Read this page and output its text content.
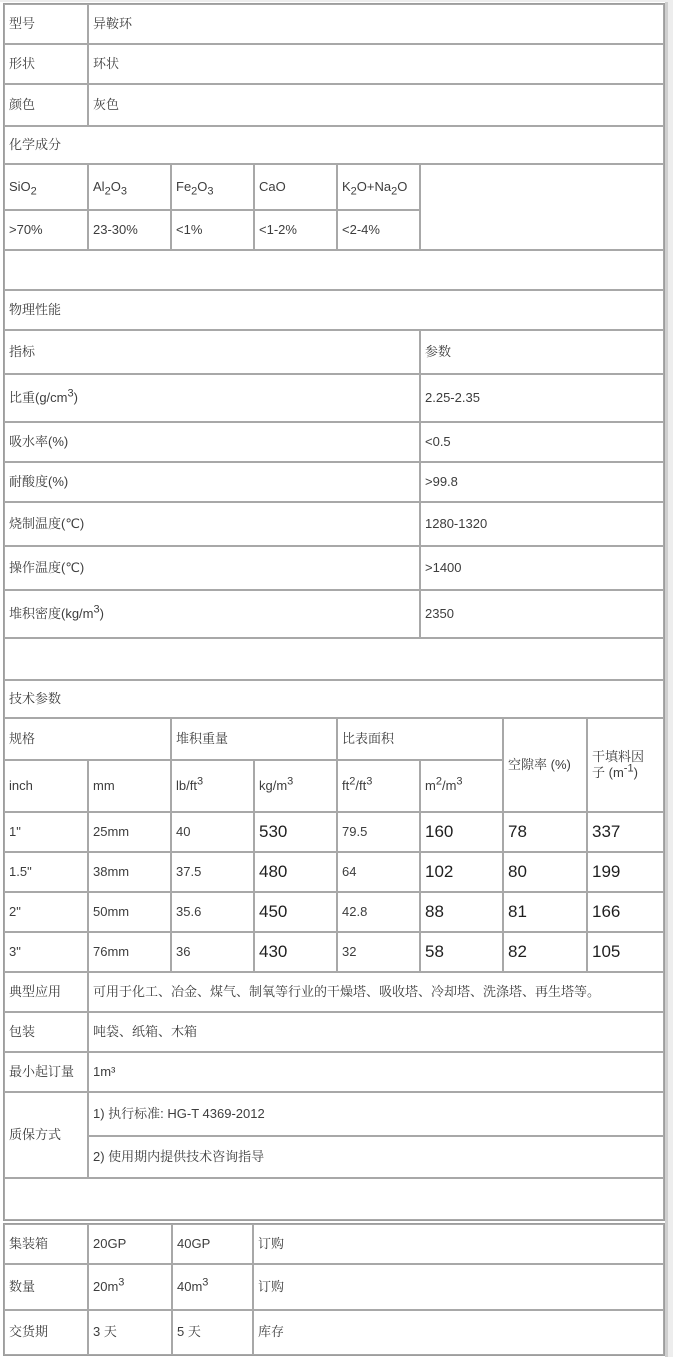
型号	异鞍环						
形状	环状						
颜色	灰色						
化学成分							
SiO$_2$	$Al_2O_3$	$Fe_2O_3$	CaO	$K_2O+Na_2O$			
>70%	23-30%	<1%	<1-2%	<2-4%			

物理性能							
指标					参数		
比重$(g/cm^3)$					2.25-2.35		
吸水率(%)					<0.5		
耐酸度(%)					>99.8		
烧制温度(℃)					1280-1320		
操作温度(℃)					>1400		
堆积密度$(kg/m^3)$					2350		

技术参数							
规格		堆积重量		比表面积		空隙率 (%)	干填料因
子 $(m^{-1})$
inch	mm	$lb/ft^3$	$kg/m^3$	$ft^2/ft^3$	$m^2/m^3$
1"	25mm	40	530	79.5	160	78	337
1.5"	38mm	37.5	480	64	102	80	199
2"	50mm	35.6	450	42.8	88	81	166
3"	76mm	36	430	32	58	82	105
典型应用	可用于化工、冶金、煤气、制氧等行业的干燥塔、吸收塔、冷却塔、洗涤塔、再生塔等。						
包装	吨袋、纸箱、木箱						
最小起订量	1m³						
质保方式	1) 执行标准: HG-T 4369-2012						
	2) 使用期内提供技术咨询指导						

集装箱	20GP	40GP	订购
数量	$20m^3$	$40m^3$	订购
交货期	3 天	5 天	库存
